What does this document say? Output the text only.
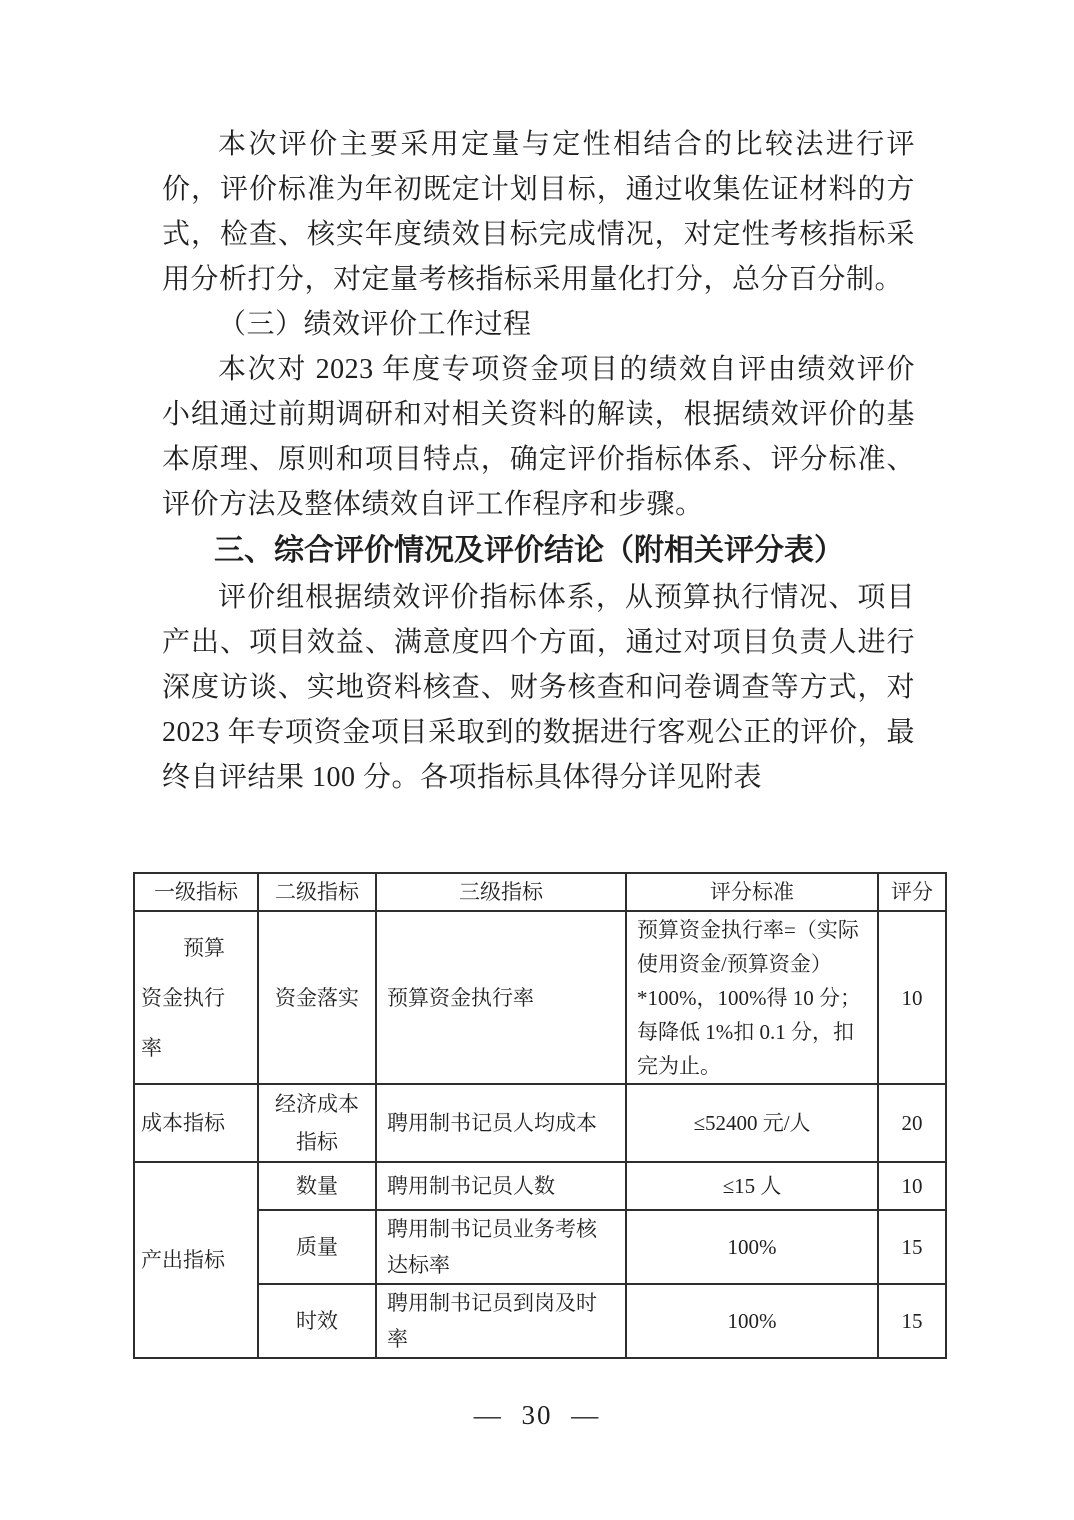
本次评价主要采用定量与定性相结合的比较法进行评价，评价标准为年初既定计划目标，通过收集佐证材料的方式，检查、核实年度绩效目标完成情况，对定性考核指标采用分析打分，对定量考核指标采用量化打分，总分百分制。

（三）绩效评价工作过程

本次对 2023 年度专项资金项目的绩效自评由绩效评价小组通过前期调研和对相关资料的解读，根据绩效评价的基本原理、原则和项目特点，确定评价指标体系、评分标准、评价方法及整体绩效自评工作程序和步骤。

三、综合评价情况及评价结论（附相关评分表）

评价组根据绩效评价指标体系，从预算执行情况、项目产出、项目效益、满意度四个方面，通过对项目负责人进行深度访谈、实地资料核查、财务核查和问卷调查等方式，对 2023 年专项资金项目采取到的数据进行客观公正的评价，最终自评结果 100 分。各项指标具体得分详见附表

一级指标	二级指标	三级指标	评分标准	评分
预算资金执行率	资金落实	预算资金执行率	预算资金执行率=（实际使用资金/预算资金）*100%，100%得 10 分；每降低 1%扣 0.1 分，扣完为止。	10
成本指标	经济成本指标	聘用制书记员人均成本	≤52400 元/人	20
产出指标	数量	聘用制书记员人数	≤15 人	10
	质量	聘用制书记员业务考核达标率	100%	15
	时效	聘用制书记员到岗及时率	100%	15
— 30 —
